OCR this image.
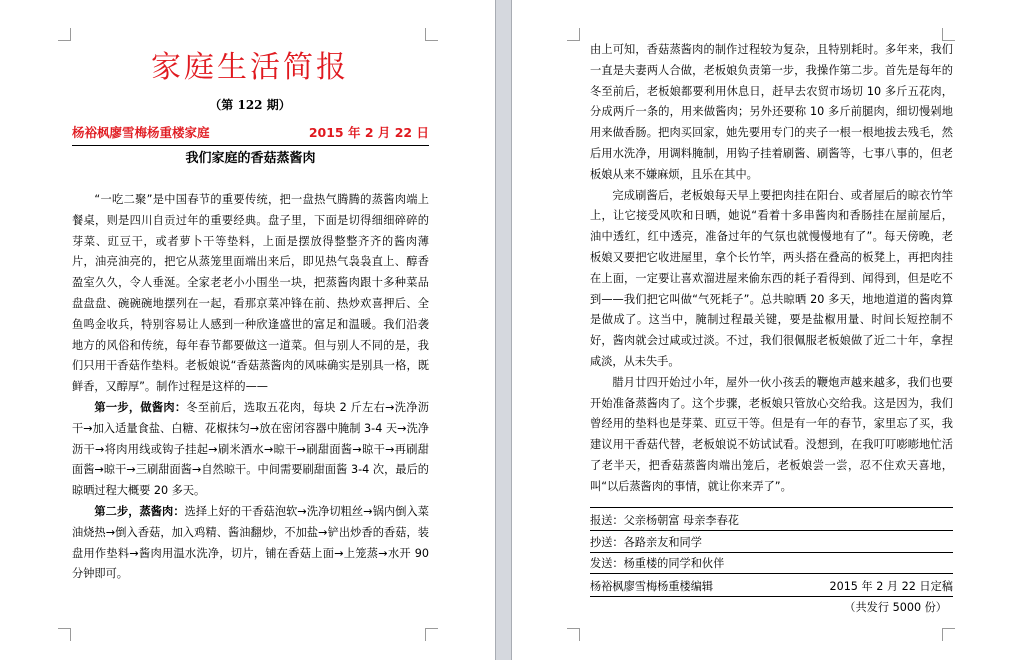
家庭生活简报
（第 122 期）
杨裕枫廖雪梅杨重楼家庭	2015 年 2 月 22 日
我们家庭的香菇蒸酱肉

“一吃二聚”是中国春节的重要传统，把一盘热气腾腾的蒸酱肉端上餐桌，则是四川自贡过年的重要经典。盘子里，下面是切得细细碎碎的芽菜、豇豆干，或者萝卜干等垫料，上面是摆放得整整齐齐的酱肉薄片，油亮油亮的，把它从蒸笼里面端出来后，即见热气袅袅直上、醇香盈室久久，令人垂涎。全家老老小小围坐一块，把蒸酱肉跟十多种菜品盘盘盘、碗碗碗地摆列在一起，看那京菜冲锋在前、热炒欢喜押后、全鱼鸣金收兵，特别容易让人感到一种欣逢盛世的富足和温暖。我们沿袭地方的风俗和传统，每年春节都要做这一道菜。但与别人不同的是，我们只用干香菇作垫料。老板娘说“香菇蒸酱肉的风味确实是别具一格，既鲜香，又醇厚”。制作过程是这样的——

第一步，做酱肉：冬至前后，选取五花肉，每块 2 斤左右→洗净沥干→加入适量食盐、白糖、花椒抹匀→放在密闭容器中腌制 3-4 天→洗净沥干→将肉用线或钩子挂起→刷米酒水→晾干→刷甜面酱→晾干→再刷甜面酱→晾干→三刷甜面酱→自然晾干。中间需要刷甜面酱 3-4 次，最后的晾晒过程大概要 20 多天。

第二步，蒸酱肉：选择上好的干香菇泡软→洗净切粗丝→锅内倒入菜油烧热→倒入香菇，加入鸡精、酱油翻炒，不加盐→铲出炒香的香菇，装盘用作垫料→酱肉用温水洗净，切片，铺在香菇上面→上笼蒸→水开 90 分钟即可。

由上可知，香菇蒸酱肉的制作过程较为复杂，且特别耗时。多年来，我们一直是夫妻两人合做，老板娘负责第一步，我操作第二步。首先是每年的冬至前后，老板娘都要利用休息日，赶早去农贸市场切 10 多斤五花肉，分成两斤一条的，用来做酱肉；另外还要称 10 多斤前腿肉，细切慢剁地用来做香肠。把肉买回家，她先要用专门的夹子一根一根地拔去残毛，然后用水洗净，用调料腌制，用钩子挂着刷酱、刷酱等，七事八事的，但老板娘从来不嫌麻烦，且乐在其中。

完成刷酱后，老板娘每天早上要把肉挂在阳台、或者屋后的晾衣竹竿上，让它接受风吹和日晒，她说“看着十多串酱肉和香肠挂在屋前屋后，油中透红，红中透亮，准备过年的气氛也就慢慢地有了”。每天傍晚，老板娘又要把它收进屋里，拿个长竹竿，两头搭在叠高的板凳上，再把肉挂在上面，一定要让喜欢溜进屋来偷东西的耗子看得到、闻得到，但是吃不到——我们把它叫做“气死耗子”。总共晾晒 20 多天，地地道道的酱肉算是做成了。这当中，腌制过程最关键，要是盐椒用量、时间长短控制不好，酱肉就会过咸或过淡。不过，我们很佩服老板娘做了近二十年，拿捏咸淡，从未失手。

腊月廿四开始过小年，屋外一伙小孩丢的鞭炮声越来越多，我们也要开始准备蒸酱肉了。这个步骤，老板娘只管放心交给我。这是因为，我们曾经用的垫料也是芽菜、豇豆干等。但是有一年的春节，家里忘了买，我建议用干香菇代替，老板娘说不妨试试看。没想到，在我叮叮嘭嘭地忙活了老半天，把香菇蒸酱肉端出笼后，老板娘尝一尝，忍不住欢天喜地，叫“以后蒸酱肉的事情，就让你来弄了”。

报送：父亲杨朝富 母亲李春花
抄送：各路亲友和同学
发送：杨重楼的同学和伙伴
杨裕枫廖雪梅杨重楼编辑	2015 年 2 月 22 日定稿
（共发行 5000 份）
